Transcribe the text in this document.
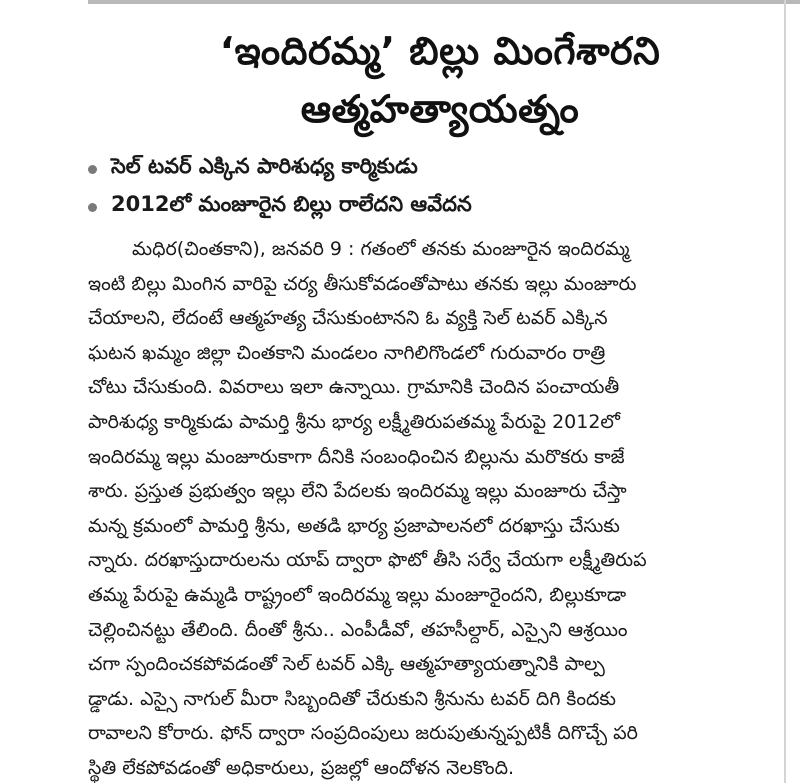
‘ఇందిరమ్మ’ బిల్లు మింగేశారని
ఆత్మహత్యాయత్నం
సెల్ టవర్ ఎక్కిన పారిశుధ్య కార్మికుడు
2012లో మంజూరైన బిల్లు రాలేదని ఆవేదన
మధిర(చింతకాని), జనవరి 9 : గతంలో తనకు మంజూరైన ఇందిరమ్మ
ఇంటి బిల్లు మింగిన వారిపై చర్య తీసుకోవడంతోపాటు తనకు ఇల్లు మంజూరు
చేయాలని, లేదంటే ఆత్మహత్య చేసుకుంటానని ఓ వ్యక్తి సెల్ టవర్ ఎక్కిన
ఘటన ఖమ్మం జిల్లా చింతకాని మండలం నాగిలిగొండలో గురువారం రాత్రి
చోటు చేసుకుంది. వివరాలు ఇలా ఉన్నాయి. గ్రామానికి చెందిన పంచాయతీ
పారిశుధ్య కార్మికుడు పామర్తి శ్రీను భార్య లక్ష్మీతిరుపతమ్మ పేరుపై 2012లో
ఇందిరమ్మ ఇల్లు మంజూరుకాగా దీనికి సంబంధించిన బిల్లును మరొకరు కాజే
శారు. ప్రస్తుత ప్రభుత్వం ఇల్లు లేని పేదలకు ఇందిరమ్మ ఇల్లు మంజూరు చేస్తా
మన్న క్రమంలో పామర్తి శ్రీను, అతడి భార్య ప్రజాపాలనలో దరఖాస్తు చేసుకు
న్నారు. దరఖాస్తుదారులను యాప్ ద్వారా ఫొటో తీసి సర్వే చేయగా లక్ష్మీతిరుప
తమ్మ పేరుపై ఉమ్మడి రాష్ట్రంలో ఇందిరమ్మ ఇల్లు మంజూరైందని, బిల్లుకూడా
చెల్లించినట్టు తేలింది. దీంతో శ్రీను.. ఎంపీడీవో, తహసీల్దార్, ఎస్సైని ఆశ్రయిం
చగా స్పందించకపోవడంతో సెల్ టవర్ ఎక్కి ఆత్మహత్యాయత్నానికి పాల్ప
డ్డాడు. ఎస్సై నాగుల్ మీరా సిబ్బందితో చేరుకుని శ్రీనును టవర్ దిగి కిందకు
రావాలని కోరారు. ఫోన్ ద్వారా సంప్రదింపులు జరుపుతున్నప్పటికీ దిగొచ్చే పరి
స్థితి లేకపోవడంతో అధికారులు, ప్రజల్లో ఆందోళన నెలకొంది.
